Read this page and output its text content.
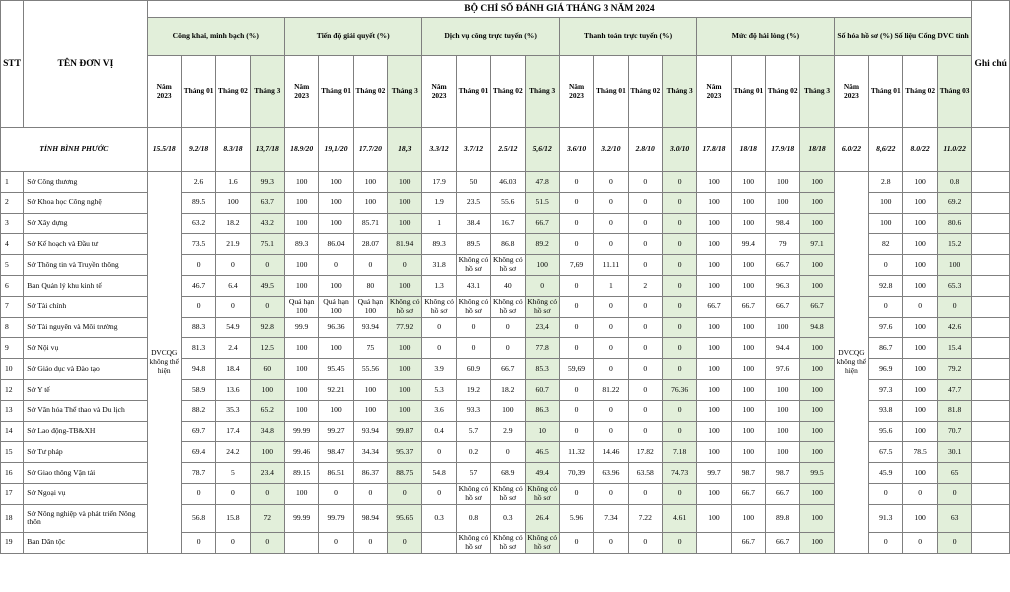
STT	TÊN ĐƠN VỊ	BỘ CHỈ SỐ ĐÁNH GIÁ THÁNG 3 NĂM 2024																								Ghi chú
		Công khai, minh bạch (%)				Tiến độ giải quyết (%)				Dịch vụ công trực tuyến (%)				Thanh toán trực tuyến (%)				Mức độ hài lòng (%)				Số hóa hồ sơ (%) Số liệu Cổng DVC tỉnh				
		Năm 2023	Tháng 01	Tháng 02	Tháng 3	Năm 2023	Tháng 01	Tháng 02	Tháng 3	Năm 2023	Tháng 01	Tháng 02	Tháng 3	Năm 2023	Tháng 01	Tháng 02	Tháng 3	Năm 2023	Tháng 01	Tháng 02	Tháng 3	Năm 2023	Tháng 01	Tháng 02	Tháng 03	
TỈNH BÌNH PHƯỚC		15.5/18	9.2/18	8.3/18	13,7/18	18.9/20	19,1/20	17.7/20	18,3	3.3/12	3.7/12	2.5/12	5,6/12	3.6/10	3.2/10	2.8/10	3.0/10	17.8/18	18/18	17.9/18	18/18	6.0/22	8,6/22	8.0/22	11.0/22	
1	Sở Công thương	DVCQG không thể hiện	2.6	1.6	99.3	100	100	100	100	17.9	50	46.03	47.8	0	0	0	0	100	100	100	100	DVCQG không thể hiện	2.8	100	0.8	
2	Sở Khoa học Công nghệ		89.5	100	63.7	100	100	100	100	1.9	23.5	55.6	51.5	0	0	0	0	100	100	100	100		100	100	69.2	
3	Sở Xây dựng		63.2	18.2	43.2	100	100	85.71	100	1	38.4	16.7	66.7	0	0	0	0	100	100	98.4	100		100	100	80.6	
4	Sở Kế hoạch và Đầu tư		73.5	21.9	75.1	89.3	86.04	28.07	81.94	89.3	89.5	86.8	89.2	0	0	0	0	100	99.4	79	97.1		82	100	15.2	
5	Sở Thông tin và Truyền thông		0	0	0	100	0	0	0	31.8	Không có hồ sơ	Không có hồ sơ	100	7,69	11.11	0	0	100	100	66.7	100		0	100	100	
6	Ban Quản lý khu kinh tế		46.7	6.4	49.5	100	100	80	100	1.3	43.1	40	0	0	1	2	0	100	100	96.3	100		92.8	100	65.3	
7	Sở Tài chính		0	0	0	Quá hạn 100	Quá hạn 100	Quá hạn 100	Không có hồ sơ	Không có hồ sơ	Không có hồ sơ	Không có hồ sơ	Không có hồ sơ	0	0	0	0	66.7	66.7	66.7	66.7		0	0	0	
8	Sở Tài nguyên và Môi trường		88.3	54.9	92.8	99.9	96.36	93.94	77.92	0	0	0	23,4	0	0	0	0	100	100	100	94.8		97.6	100	42.6	
9	Sở Nội vụ		81.3	2.4	12.5	100	100	75	100	0	0	0	77.8	0	0	0	0	100	100	94.4	100		86.7	100	15.4	
10	Sở Giáo dục và Đào tạo		94.8	18.4	60	100	95.45	55.56	100	3.9	60.9	66.7	85.3	59,69	0	0	0	100	100	97.6	100		96.9	100	79.2	
12	Sở Y tế		58.9	13.6	100	100	92.21	100	100	5.3	19.2	18.2	60.7	0	81.22	0	76.36	100	100	100	100		97.3	100	47.7	
13	Sở Văn hóa Thể thao và Du lịch		88.2	35.3	65.2	100	100	100	100	3.6	93.3	100	86.3	0	0	0	0	100	100	100	100		93.8	100	81.8	
14	Sở Lao động-TB&XH		69.7	17.4	34.8	99.99	99.27	93.94	99.87	0.4	5.7	2.9	10	0	0	0	0	100	100	100	100		95.6	100	70.7	
15	Sở Tư pháp		69.4	24.2	100	99.46	98.47	34.34	95.37	0	0.2	0	46.5	11.32	14.46	17.82	7.18	100	100	100	100		67.5	78.5	30.1	
16	Sở Giao thông Vận tải		78.7	5	23.4	89.15	86.51	86.37	88.75	54.8	57	68.9	49.4	70,39	63.96	63.58	74.73	99.7	98.7	98.7	99.5		45.9	100	65	
17	Sở Ngoại vụ		0	0	0	100	0	0	0	0	Không có hồ sơ	Không có hồ sơ	Không có hồ sơ	0	0	0	0	100	66.7	66.7	100		0	0	0	
18	Sở Nông nghiệp và phát triển Nông thôn		56.8	15.8	72	99.99	99.79	98.94	95.65	0.3	0.8	0.3	26.4	5.96	7.34	7.22	4.61	100	100	89.8	100		91.3	100	63	
19	Ban Dân tộc		0	0	0		0	0	0		Không có hồ sơ	Không có hồ sơ	Không có hồ sơ	0	0	0	0		66.7	66.7	100		0	0	0	
